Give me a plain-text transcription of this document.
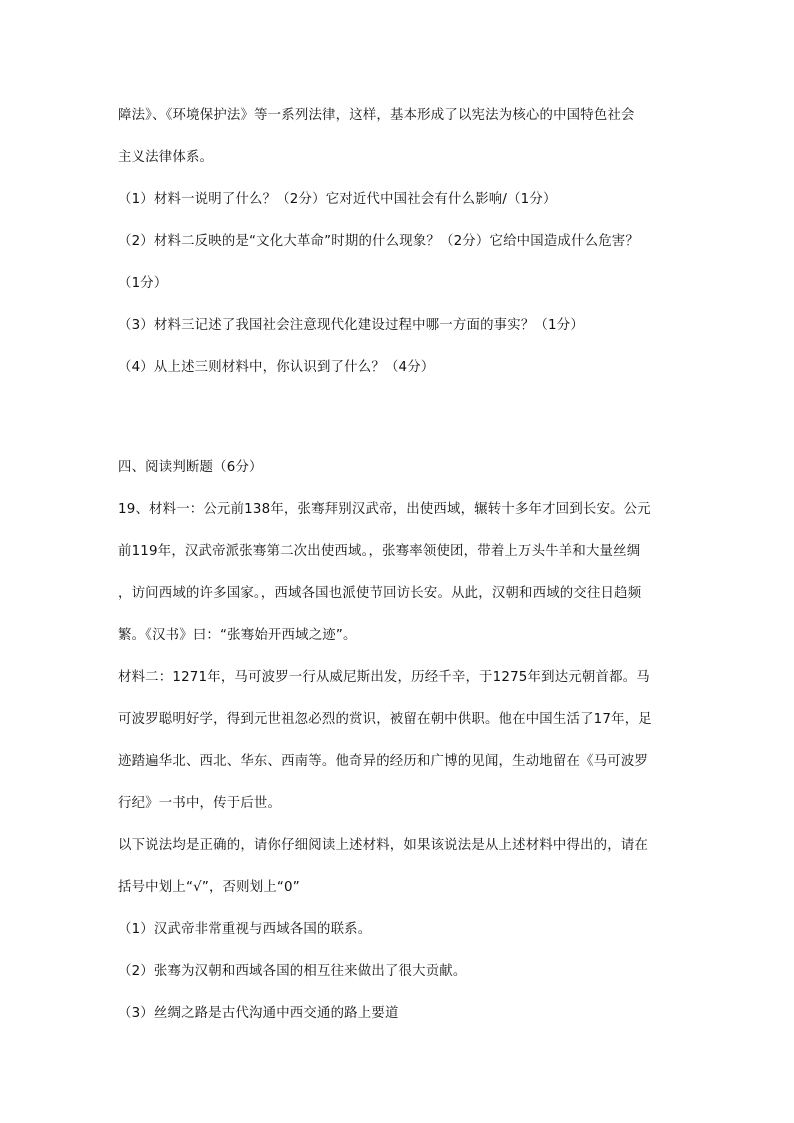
障法》、《环境保护法》等一系列法律，这样，基本形成了以宪法为核心的中国特色社会
主义法律体系。
（1）材料一说明了什么？（2分）它对近代中国社会有什么影响/（1分）
（2）材料二反映的是“文化大革命”时期的什么现象？（2分）它给中国造成什么危害？
（1分）
（3）材料三记述了我国社会注意现代化建设过程中哪一方面的事实？（1分）
（4）从上述三则材料中，你认识到了什么？（4分）
四、阅读判断题（6分）
19、材料一：公元前138年，张骞拜别汉武帝，出使西域，辗转十多年才回到长安。公元
前119年，汉武帝派张骞第二次出使西域。，张骞率领使团，带着上万头牛羊和大量丝绸
，访问西域的许多国家。，西域各国也派使节回访长安。从此，汉朝和西域的交往日趋频
繁。《汉书》曰：“张骞始开西域之迹”。
材料二：1271年，马可波罗一行从威尼斯出发，历经千辛，于1275年到达元朝首都。马
可波罗聪明好学，得到元世祖忽必烈的赏识，被留在朝中供职。他在中国生活了17年，足
迹踏遍华北、西北、华东、西南等。他奇异的经历和广博的见闻，生动地留在《马可波罗
行纪》一书中，传于后世。
以下说法均是正确的，请你仔细阅读上述材料，如果该说法是从上述材料中得出的，请在
括号中划上“√”，否则划上“0”
（1）汉武帝非常重视与西域各国的联系。
（2）张骞为汉朝和西域各国的相互往来做出了很大贡献。
（3）丝绸之路是古代沟通中西交通的路上要道
